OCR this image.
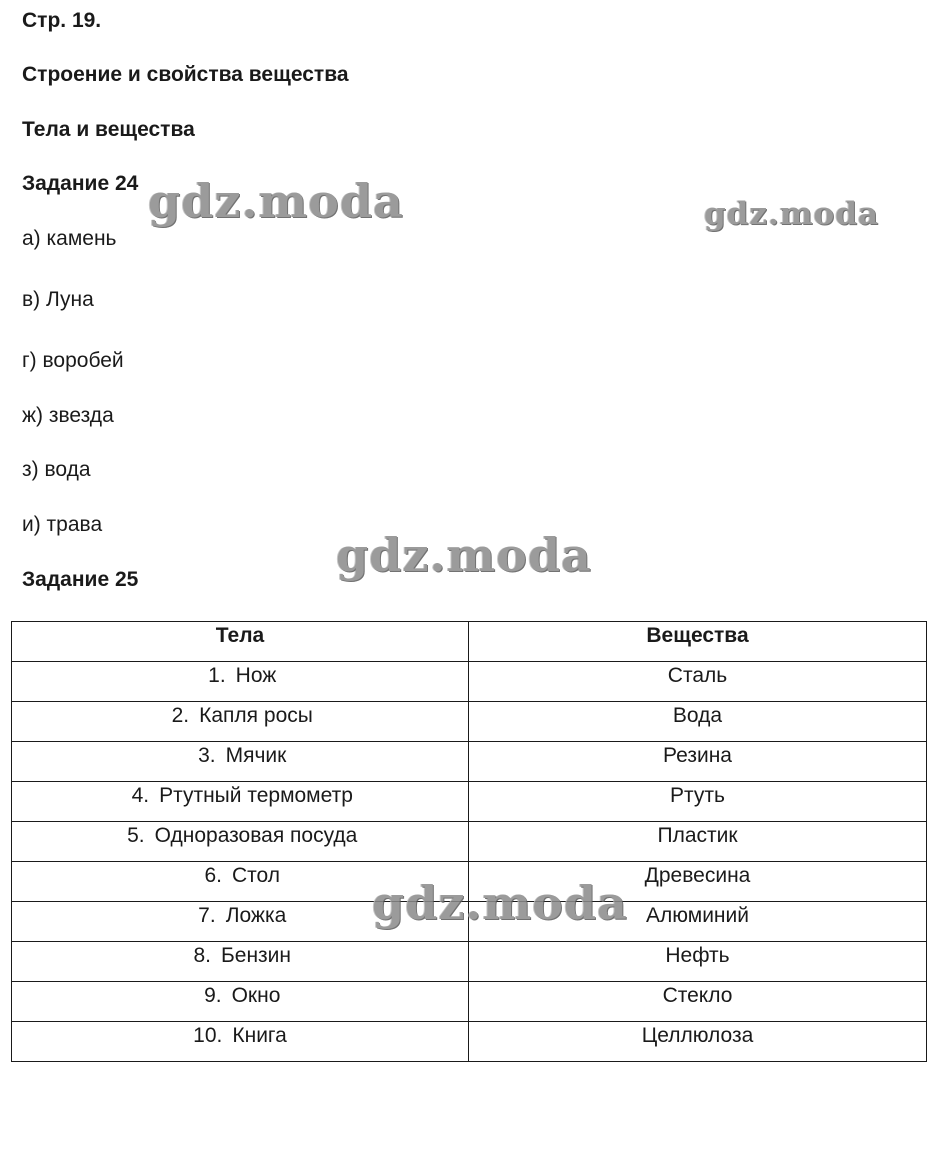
Стр. 19.
Строение и свойства вещества
Тела и вещества
Задание 24
а) камень
в) Луна
г) воробей
ж) звезда
з) вода
и) трава
Задание 25
Тела	Вещества
1. Нож	Сталь
2. Капля росы	Вода
3. Мячик	Резина
4. Ртутный термометр	Ртуть
5. Одноразовая посуда	Пластик
6. Стол	Древесина
7. Ложка	Алюминий
8. Бензин	Нефть
9. Окно	Стекло
10. Книга	Целлюлоза
gdz.moda	gdz.moda
gdz.moda
gdz.moda
